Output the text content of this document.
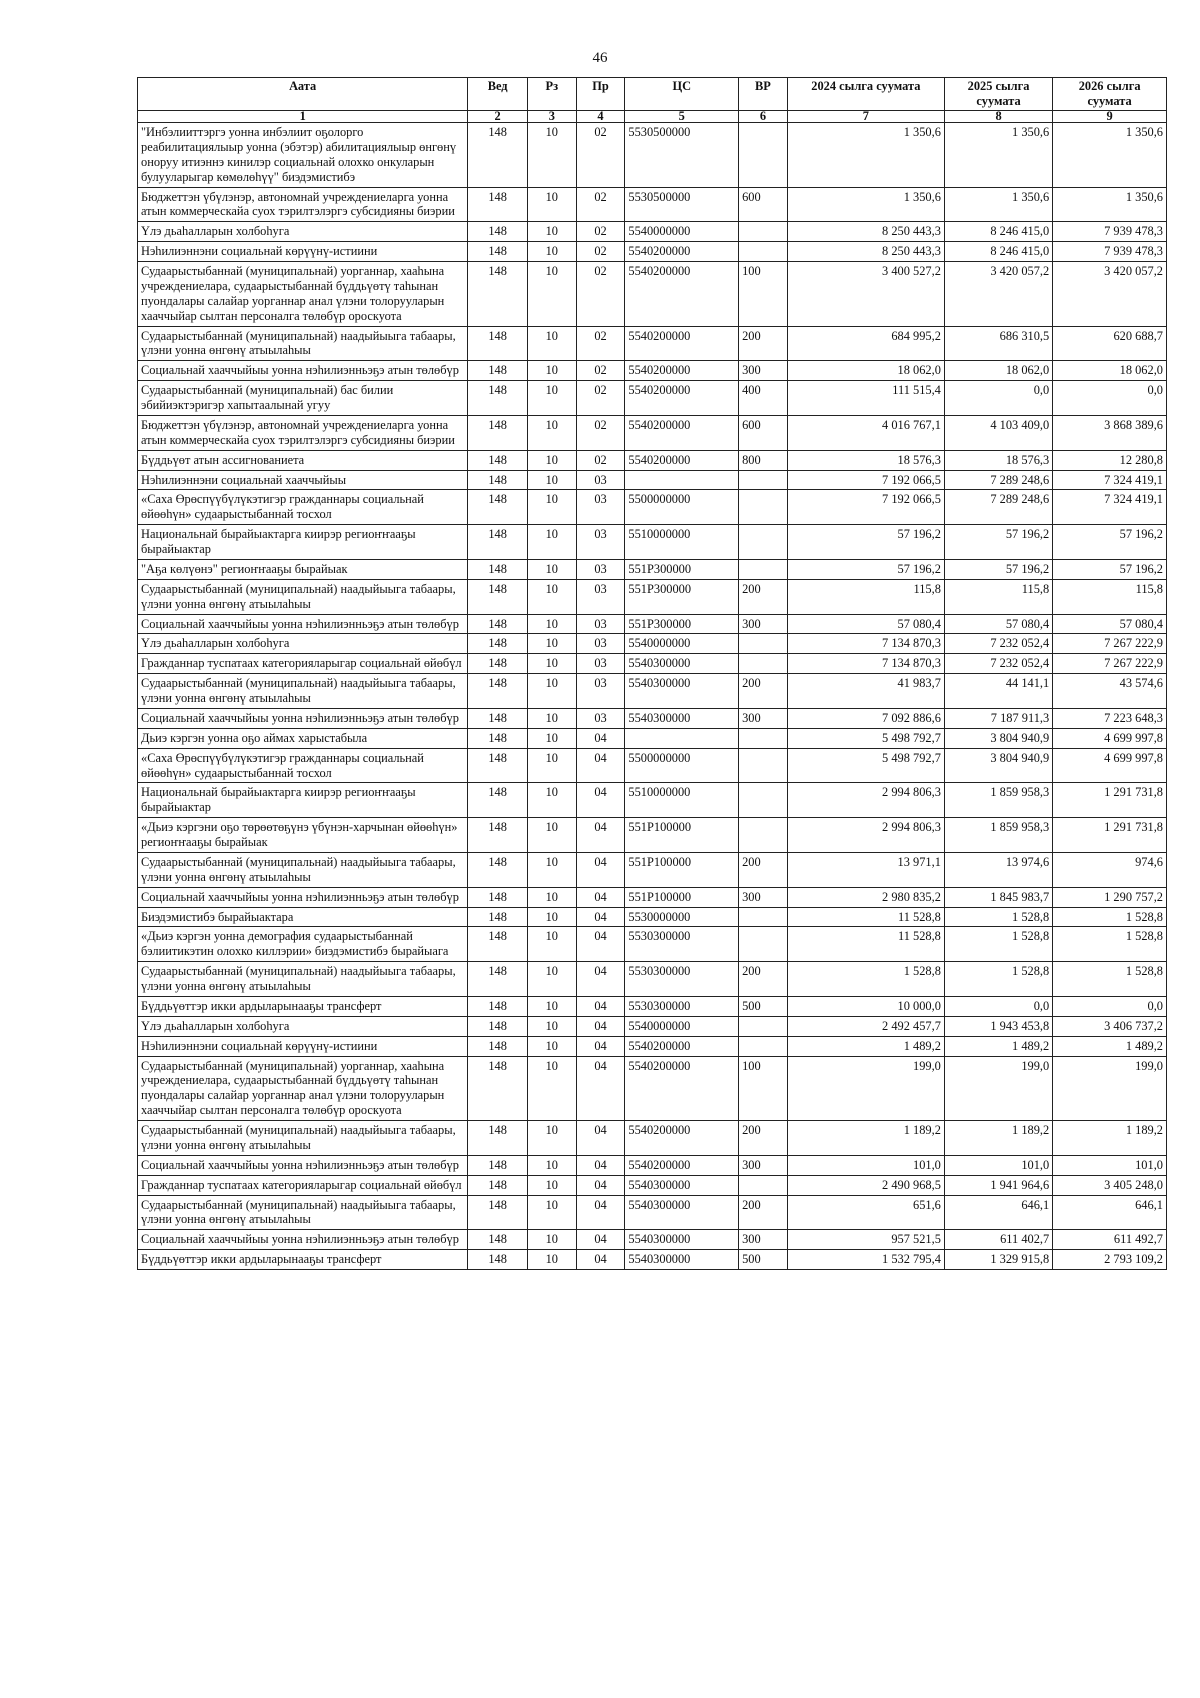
46
Аата	Вед	Рз	Пр	ЦС	ВР	2024 сылга суумата	2025 сылга суумата	2026 сылга суумата
1	2	3	4	5	6	7	8	9
"Инбэлииттэргэ уонна инбэлиит оҕолорго реабилитациялыыр уонна (эбэтэр) абилитациялыыр өнгөнү оноруу итиэннэ кинилэр социальнай олохко онкуларын булууларыгар көмөлөһүү" биэдэмистибэ	148	10	02	5530500000		1 350,6	1 350,6	1 350,6
Бюджеттэн үбүлэнэр, автономнай учреждениеларга уонна атын коммерческайа суох тэрилтэлэргэ субсидияны биэрии	148	10	02	5530500000	600	1 350,6	1 350,6	1 350,6
Үлэ дьаһалларын холбоһуга	148	10	02	5540000000		8 250 443,3	8 246 415,0	7 939 478,3
Нэһилиэннэни социальнай көрүүнү-истиини	148	10	02	5540200000		8 250 443,3	8 246 415,0	7 939 478,3
Судаарыстыбаннай (муниципальнай) уорганнар, хааһына учреждениелара, судаарыстыбаннай бүддьүөтү таһынан пуондалары салайар уорганнар анал үлэни толорууларын хааччыйар сылтан персоналга төлөбүр ороскуота	148	10	02	5540200000	100	3 400 527,2	3 420 057,2	3 420 057,2
Судаарыстыбаннай (муниципальнай) наадыйыыга табаары, үлэни уонна өнгөнү атыылаһыы	148	10	02	5540200000	200	684 995,2	686 310,5	620 688,7
Социальнай хааччыйыы уонна нэһилиэнньэҕэ атын төлөбүр	148	10	02	5540200000	300	18 062,0	18 062,0	18 062,0
Судаарыстыбаннай (муниципальнай) бас билии эбийиэктэригэр хапытаалынай угуу	148	10	02	5540200000	400	111 515,4	0,0	0,0
Бюджеттэн үбүлэнэр, автономнай учреждениеларга уонна атын коммерческайа суох тэрилтэлэргэ субсидияны биэрии	148	10	02	5540200000	600	4 016 767,1	4 103 409,0	3 868 389,6
Бүддьүөт атын ассигнованиета	148	10	02	5540200000	800	18 576,3	18 576,3	12 280,8
Нэһилиэннэни социальнай хааччыйыы	148	10	03			7 192 066,5	7 289 248,6	7 324 419,1
«Саха Өрөспүүбүлүкэтигэр гражданнары социальнай өйөөһүн» судаарыстыбаннай тосхол	148	10	03	5500000000		7 192 066,5	7 289 248,6	7 324 419,1
Национальнай бырайыактарга киирэр региоҥҥааҕы бырайыактар	148	10	03	5510000000		57 196,2	57 196,2	57 196,2
"Аҕа көлүөнэ" региоҥҥааҕы бырайыак	148	10	03	551P300000		57 196,2	57 196,2	57 196,2
Судаарыстыбаннай (муниципальнай) наадыйыыга табаары, үлэни уонна өнгөнү атыылаһыы	148	10	03	551P300000	200	115,8	115,8	115,8
Социальнай хааччыйыы уонна нэһилиэнньэҕэ атын төлөбүр	148	10	03	551P300000	300	57 080,4	57 080,4	57 080,4
Үлэ дьаһалларын холбоһуга	148	10	03	5540000000		7 134 870,3	7 232 052,4	7 267 222,9
Гражданнар туспатаах категорияларыгар социальнай өйөбүл	148	10	03	5540300000		7 134 870,3	7 232 052,4	7 267 222,9
Судаарыстыбаннай (муниципальнай) наадыйыыга табаары, үлэни уонна өнгөнү атыылаһыы	148	10	03	5540300000	200	41 983,7	44 141,1	43 574,6
Социальнай хааччыйыы уонна нэһилиэнньэҕэ атын төлөбүр	148	10	03	5540300000	300	7 092 886,6	7 187 911,3	7 223 648,3
Дьиэ кэргэн уонна оҕо аймах харыстабыла	148	10	04			5 498 792,7	3 804 940,9	4 699 997,8
«Саха Өрөспүүбүлүкэтигэр гражданнары социальнай өйөөһүн» судаарыстыбаннай тосхол	148	10	04	5500000000		5 498 792,7	3 804 940,9	4 699 997,8
Национальнай бырайыактарга киирэр региоҥҥааҕы бырайыактар	148	10	04	5510000000		2 994 806,3	1 859 958,3	1 291 731,8
«Дьиэ кэргэни оҕо төрөөтөҕүнэ үбүнэн-харчынан өйөөһүн» региоҥҥааҕы бырайыак	148	10	04	551P100000		2 994 806,3	1 859 958,3	1 291 731,8
Судаарыстыбаннай (муниципальнай) наадыйыыга табаары, үлэни уонна өнгөнү атыылаһыы	148	10	04	551P100000	200	13 971,1	13 974,6	974,6
Социальнай хааччыйыы уонна нэһилиэнньэҕэ атын төлөбүр	148	10	04	551P100000	300	2 980 835,2	1 845 983,7	1 290 757,2
Биэдэмистибэ бырайыактара	148	10	04	5530000000		11 528,8	1 528,8	1 528,8
«Дьиэ кэргэн уонна демография судаарыстыбаннай бэлиитикэтин олохко киллэрии» биэдэмистибэ бырайыага	148	10	04	5530300000		11 528,8	1 528,8	1 528,8
Судаарыстыбаннай (муниципальнай) наадыйыыга табаары, үлэни уонна өнгөнү атыылаһыы	148	10	04	5530300000	200	1 528,8	1 528,8	1 528,8
Бүддьүөттэр икки ардыларынааҕы трансферт	148	10	04	5530300000	500	10 000,0	0,0	0,0
Үлэ дьаһалларын холбоһуга	148	10	04	5540000000		2 492 457,7	1 943 453,8	3 406 737,2
Нэһилиэннэни социальнай көрүүнү-истиини	148	10	04	5540200000		1 489,2	1 489,2	1 489,2
Судаарыстыбаннай (муниципальнай) уорганнар, хааһына учреждениелара, судаарыстыбаннай бүддьүөтү таһынан пуондалары салайар уорганнар анал үлэни толорууларын хааччыйар сылтан персоналга төлөбүр ороскуота	148	10	04	5540200000	100	199,0	199,0	199,0
Судаарыстыбаннай (муниципальнай) наадыйыыга табаары, үлэни уонна өнгөнү атыылаһыы	148	10	04	5540200000	200	1 189,2	1 189,2	1 189,2
Социальнай хааччыйыы уонна нэһилиэнньэҕэ атын төлөбүр	148	10	04	5540200000	300	101,0	101,0	101,0
Гражданнар туспатаах категорияларыгар социальнай өйөбүл	148	10	04	5540300000		2 490 968,5	1 941 964,6	3 405 248,0
Судаарыстыбаннай (муниципальнай) наадыйыыга табаары, үлэни уонна өнгөнү атыылаһыы	148	10	04	5540300000	200	651,6	646,1	646,1
Социальнай хааччыйыы уонна нэһилиэнньэҕэ атын төлөбүр	148	10	04	5540300000	300	957 521,5	611 402,7	611 492,7
Бүддьүөттэр икки ардыларынааҕы трансферт	148	10	04	5540300000	500	1 532 795,4	1 329 915,8	2 793 109,2
